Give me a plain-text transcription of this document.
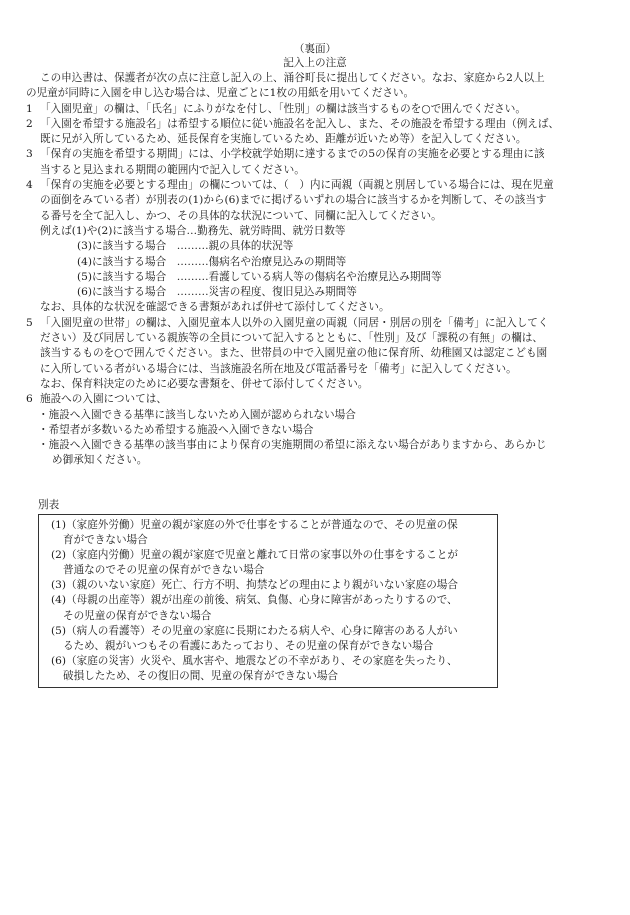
（裏面）
記入上の注意
この申込書は、保護者が次の点に注意し記入の上、涌谷町長に提出してください。なお、家庭から2人以上
の児童が同時に入園を申し込む場合は、児童ごとに1枚の用紙を用いてください。
1 「入園児童」の欄は、「氏名」にふりがなを付し、「性別」の欄は該当するものを○で囲んでください。
2 「入園を希望する施設名」は希望する順位に従い施設名を記入し、また、その施設を希望する理由（例えば、
既に兄が入所しているため、延長保育を実施しているため、距離が近いため等）を記入してください。
3 「保育の実施を希望する期間」には、小学校就学始期に達するまでの5の保育の実施を必要とする理由に該
当すると見込まれる期間の範囲内で記入してください。
4 「保育の実施を必要とする理由」の欄については、（　）内に両親（両親と別居している場合には、現在児童
の面倒をみている者）が別表の(1)から(6)までに掲げるいずれの場合に該当するかを判断して、その該当す
る番号を全て記入し、かつ、その具体的な状況について、同欄に記入してください。
例えば(1)や(2)に該当する場合…勤務先、就労時間、就労日数等
(3)に該当する場合　………親の具体的状況等
(4)に該当する場合　………傷病名や治療見込みの期間等
(5)に該当する場合　………看護している病人等の傷病名や治療見込み期間等
(6)に該当する場合　………災害の程度、復旧見込み期間等
なお、具体的な状況を確認できる書類があれば併せて添付してください。
5 「入園児童の世帯」の欄は、入園児童本人以外の入園児童の両親（同居・別居の別を「備考」に記入してく
ださい）及び同居している親族等の全員について記入するとともに、「性別」及び「課税の有無」の欄は、
該当するものを○で囲んでください。また、世帯員の中で入園児童の他に保育所、幼稚園又は認定こども園
に入所している者がいる場合には、当該施設名所在地及び電話番号を「備考」に記入してください。
なお、保育料決定のために必要な書類を、併せて添付してください。
6 施設への入園については、
・施設へ入園できる基準に該当しないため入園が認められない場合
・希望者が多数いるため希望する施設へ入園できない場合
・施設へ入園できる基準の該当事由により保育の実施期間の希望に添えない場合がありますから、あらかじ
め御承知ください。
別表
(1)（家庭外労働）児童の親が家庭の外で仕事をすることが普通なので、その児童の保
育ができない場合
(2)（家庭内労働）児童の親が家庭で児童と離れて日常の家事以外の仕事をすることが
普通なのでその児童の保育ができない場合
(3)（親のいない家庭）死亡、行方不明、拘禁などの理由により親がいない家庭の場合
(4)（母親の出産等）親が出産の前後、病気、負傷、心身に障害があったりするので、
その児童の保育ができない場合
(5)（病人の看護等）その児童の家庭に長期にわたる病人や、心身に障害のある人がい
るため、親がいつもその看護にあたっており、その児童の保育ができない場合
(6)（家庭の災害）火災や、風水害や、地震などの不幸があり、その家庭を失ったり、
破損したため、その復旧の間、児童の保育ができない場合
